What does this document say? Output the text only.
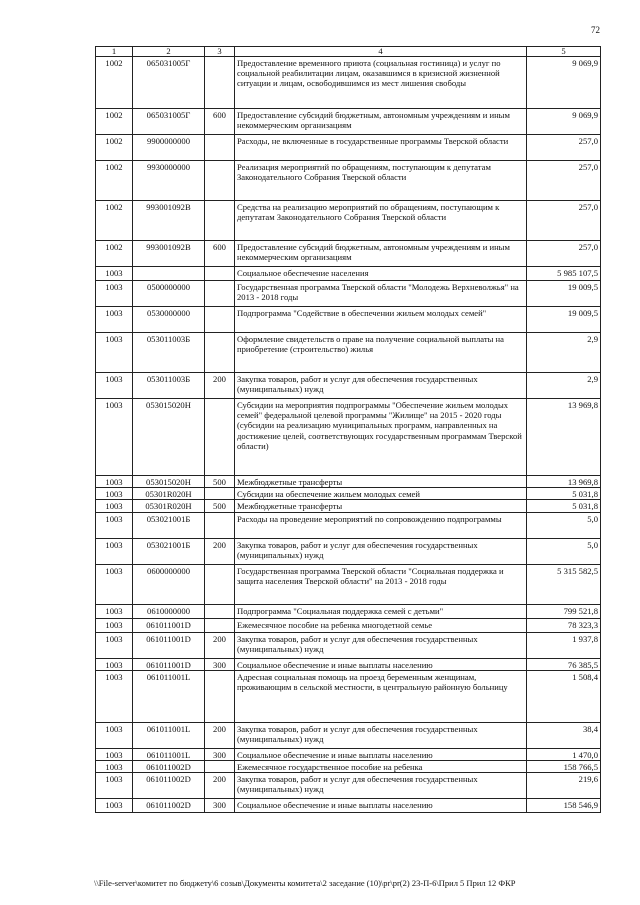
72
1	2	3	4	5
1002	065031005Г		Предоставление временного приюта (социальная гостиница) и услуг по социальной реабилитации лицам, оказавшимся в кризисной жизненной ситуации и лицам, освободившимся из мест лишения свободы	9 069,9
1002	065031005Г	600	Предоставление субсидий бюджетным, автономным учреждениям и иным некоммерческим организациям	9 069,9
1002	9900000000		Расходы, не включенные в государственные программы Тверской области	257,0
1002	9930000000		Реализация мероприятий по обращениям, поступающим к депутатам Законодательного Собрания Тверской области	257,0
1002	993001092В		Средства на реализацию мероприятий по обращениям, поступающим к депутатам Законодательного Собрания Тверской области	257,0
1002	993001092В	600	Предоставление субсидий бюджетным, автономным учреждениям и иным некоммерческим организациям	257,0
1003			Социальное обеспечение населения	5 985 107,5
1003	0500000000		Государственная программа Тверской области "Молодежь Верхневолжья" на 2013 - 2018 годы	19 009,5
1003	0530000000		Подпрограмма "Содействие в обеспечении жильем молодых семей"	19 009,5
1003	053011003Б		Оформление свидетельств о праве на получение социальной выплаты на приобретение (строительство) жилья	2,9
1003	053011003Б	200	Закупка товаров, работ и услуг для обеспечения государственных (муниципальных) нужд	2,9
1003	053015020Н		Субсидии на мероприятия подпрограммы "Обеспечение жильем молодых семей" федеральной целевой программы "Жилище" на 2015 - 2020 годы (субсидии на реализацию муниципальных программ, направленных на достижение целей, соответствующих государственным программам Тверской области)	13 969,8
1003	053015020Н	500	Межбюджетные трансферты	13 969,8
1003	05301R020Н		Субсидии на обеспечение жильем молодых семей	5 031,8
1003	05301R020Н	500	Межбюджетные трансферты	5 031,8
1003	053021001Б		Расходы на проведение мероприятий по сопровождению подпрограммы	5,0
1003	053021001Б	200	Закупка товаров, работ и услуг для обеспечения государственных (муниципальных) нужд	5,0
1003	0600000000		Государственная программа Тверской области "Социальная поддержка и защита населения Тверской области" на 2013 - 2018 годы	5 315 582,5
1003	0610000000		Подпрограмма "Социальная поддержка семей с детьми"	799 521,8
1003	061011001D		Ежемесячное пособие на ребенка многодетной семье	78 323,3
1003	061011001D	200	Закупка товаров, работ и услуг для обеспечения государственных (муниципальных) нужд	1 937,8
1003	061011001D	300	Социальное обеспечение и иные выплаты населению	76 385,5
1003	061011001L		Адресная социальная помощь на проезд беременным женщинам, проживающим в сельской местности, в центральную районную больницу	1 508,4
1003	061011001L	200	Закупка товаров, работ и услуг для обеспечения государственных (муниципальных) нужд	38,4
1003	061011001L	300	Социальное обеспечение и иные выплаты населению	1 470,0
1003	061011002D		Ежемесячное государственное пособие на ребенка	158 766,5
1003	061011002D	200	Закупка товаров, работ и услуг для обеспечения государственных (муниципальных) нужд	219,6
1003	061011002D	300	Социальное обеспечение и иные выплаты населению	158 546,9
\\File-server\комитет по бюджету\6 созыв\Документы комитета\2 заседание (10)\pr\pr(2) 23-П-6\Прил 5 Прил 12 ФКР
